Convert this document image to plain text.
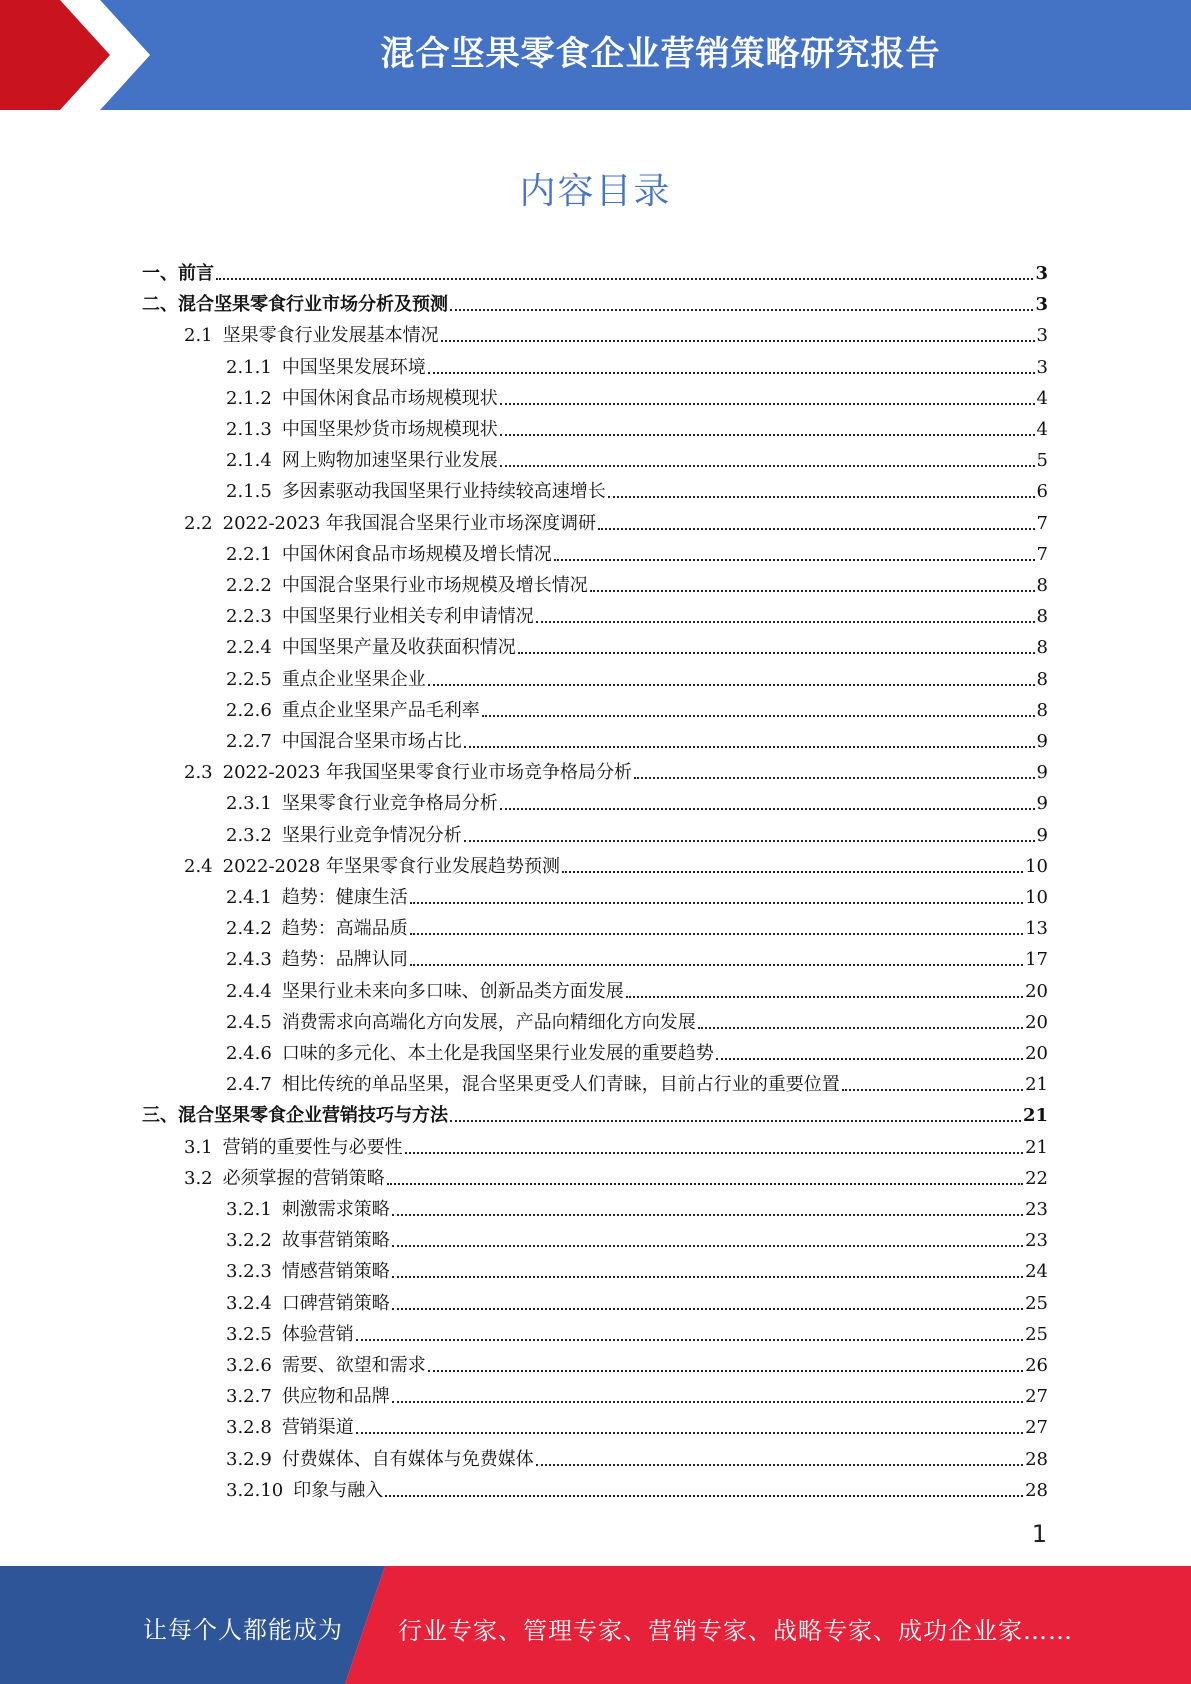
混合坚果零食企业营销策略研究报告
内容目录
一、前言	3
二、混合坚果零食行业市场分析及预测	3
2.1 坚果零食行业发展基本情况	3
2.1.1 中国坚果发展环境	3
2.1.2 中国休闲食品市场规模现状	4
2.1.3 中国坚果炒货市场规模现状	4
2.1.4 网上购物加速坚果行业发展	5
2.1.5 多因素驱动我国坚果行业持续较高速增长	6
2.2 2022-2023 年我国混合坚果行业市场深度调研	7
2.2.1 中国休闲食品市场规模及增长情况	7
2.2.2 中国混合坚果行业市场规模及增长情况	8
2.2.3 中国坚果行业相关专利申请情况	8
2.2.4 中国坚果产量及收获面积情况	8
2.2.5 重点企业坚果企业	8
2.2.6 重点企业坚果产品毛利率	8
2.2.7 中国混合坚果市场占比	9
2.3 2022-2023 年我国坚果零食行业市场竞争格局分析	9
2.3.1 坚果零食行业竞争格局分析	9
2.3.2 坚果行业竞争情况分析	9
2.4 2022-2028 年坚果零食行业发展趋势预测	10
2.4.1 趋势：健康生活	10
2.4.2 趋势：高端品质	13
2.4.3 趋势：品牌认同	17
2.4.4 坚果行业未来向多口味、创新品类方面发展	20
2.4.5 消费需求向高端化方向发展，产品向精细化方向发展	20
2.4.6 口味的多元化、本土化是我国坚果行业发展的重要趋势	20
2.4.7 相比传统的单品坚果，混合坚果更受人们青睐，目前占行业的重要位置	21
三、混合坚果零食企业营销技巧与方法	21
3.1 营销的重要性与必要性	21
3.2 必须掌握的营销策略	22
3.2.1 刺激需求策略	23
3.2.2 故事营销策略	23
3.2.3 情感营销策略	24
3.2.4 口碑营销策略	25
3.2.5 体验营销	25
3.2.6 需要、欲望和需求	26
3.2.7 供应物和品牌	27
3.2.8 营销渠道	27
3.2.9 付费媒体、自有媒体与免费媒体	28
3.2.10 印象与融入	28
1
让每个人都能成为 行业专家、管理专家、营销专家、战略专家、成功企业家……
